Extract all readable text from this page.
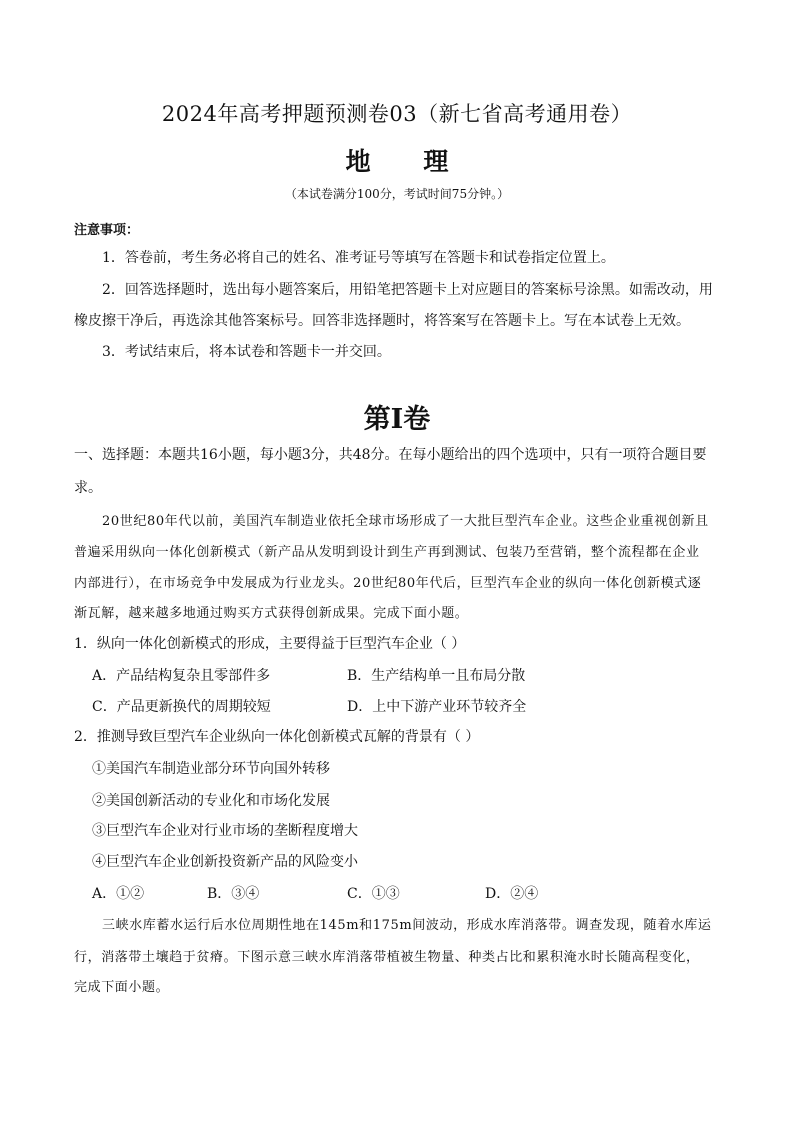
2024年高考押题预测卷03（新七省高考通用卷）
地 理
（本试卷满分100分，考试时间75分钟。）
注意事项：
1．答卷前，考生务必将自己的姓名、准考证号等填写在答题卡和试卷指定位置上。
2．回答选择题时，选出每小题答案后，用铅笔把答题卡上对应题目的答案标号涂黑。如需改动，用
橡皮擦干净后，再选涂其他答案标号。回答非选择题时，将答案写在答题卡上。写在本试卷上无效。
3．考试结束后，将本试卷和答题卡一并交回。
第I卷
一、选择题：本题共16小题，每小题3分，共48分。在每小题给出的四个选项中，只有一项符合题目要
求。
20世纪80年代以前，美国汽车制造业依托全球市场形成了一大批巨型汽车企业。这些企业重视创新且
普遍采用纵向一体化创新模式（新产品从发明到设计到生产再到测试、包装乃至营销，整个流程都在企业
内部进行），在市场竞争中发展成为行业龙头。20世纪80年代后，巨型汽车企业的纵向一体化创新模式逐
渐瓦解，越来越多地通过购买方式获得创新成果。完成下面小题。
1．纵向一体化创新模式的形成，主要得益于巨型汽车企业（ ）
A．产品结构复杂且零部件多	B．生产结构单一且布局分散
C．产品更新换代的周期较短	D．上中下游产业环节较齐全
2．推测导致巨型汽车企业纵向一体化创新模式瓦解的背景有（ ）
①美国汽车制造业部分环节向国外转移
②美国创新活动的专业化和市场化发展
③巨型汽车企业对行业市场的垄断程度增大
④巨型汽车企业创新投资新产品的风险变小
A．①②	B．③④	C．①③	D．②④
三峡水库蓄水运行后水位周期性地在145m和175m间波动，形成水库消落带。调查发现，随着水库运
行，消落带土壤趋于贫瘠。下图示意三峡水库消落带植被生物量、种类占比和累积淹水时长随高程变化，
完成下面小题。
